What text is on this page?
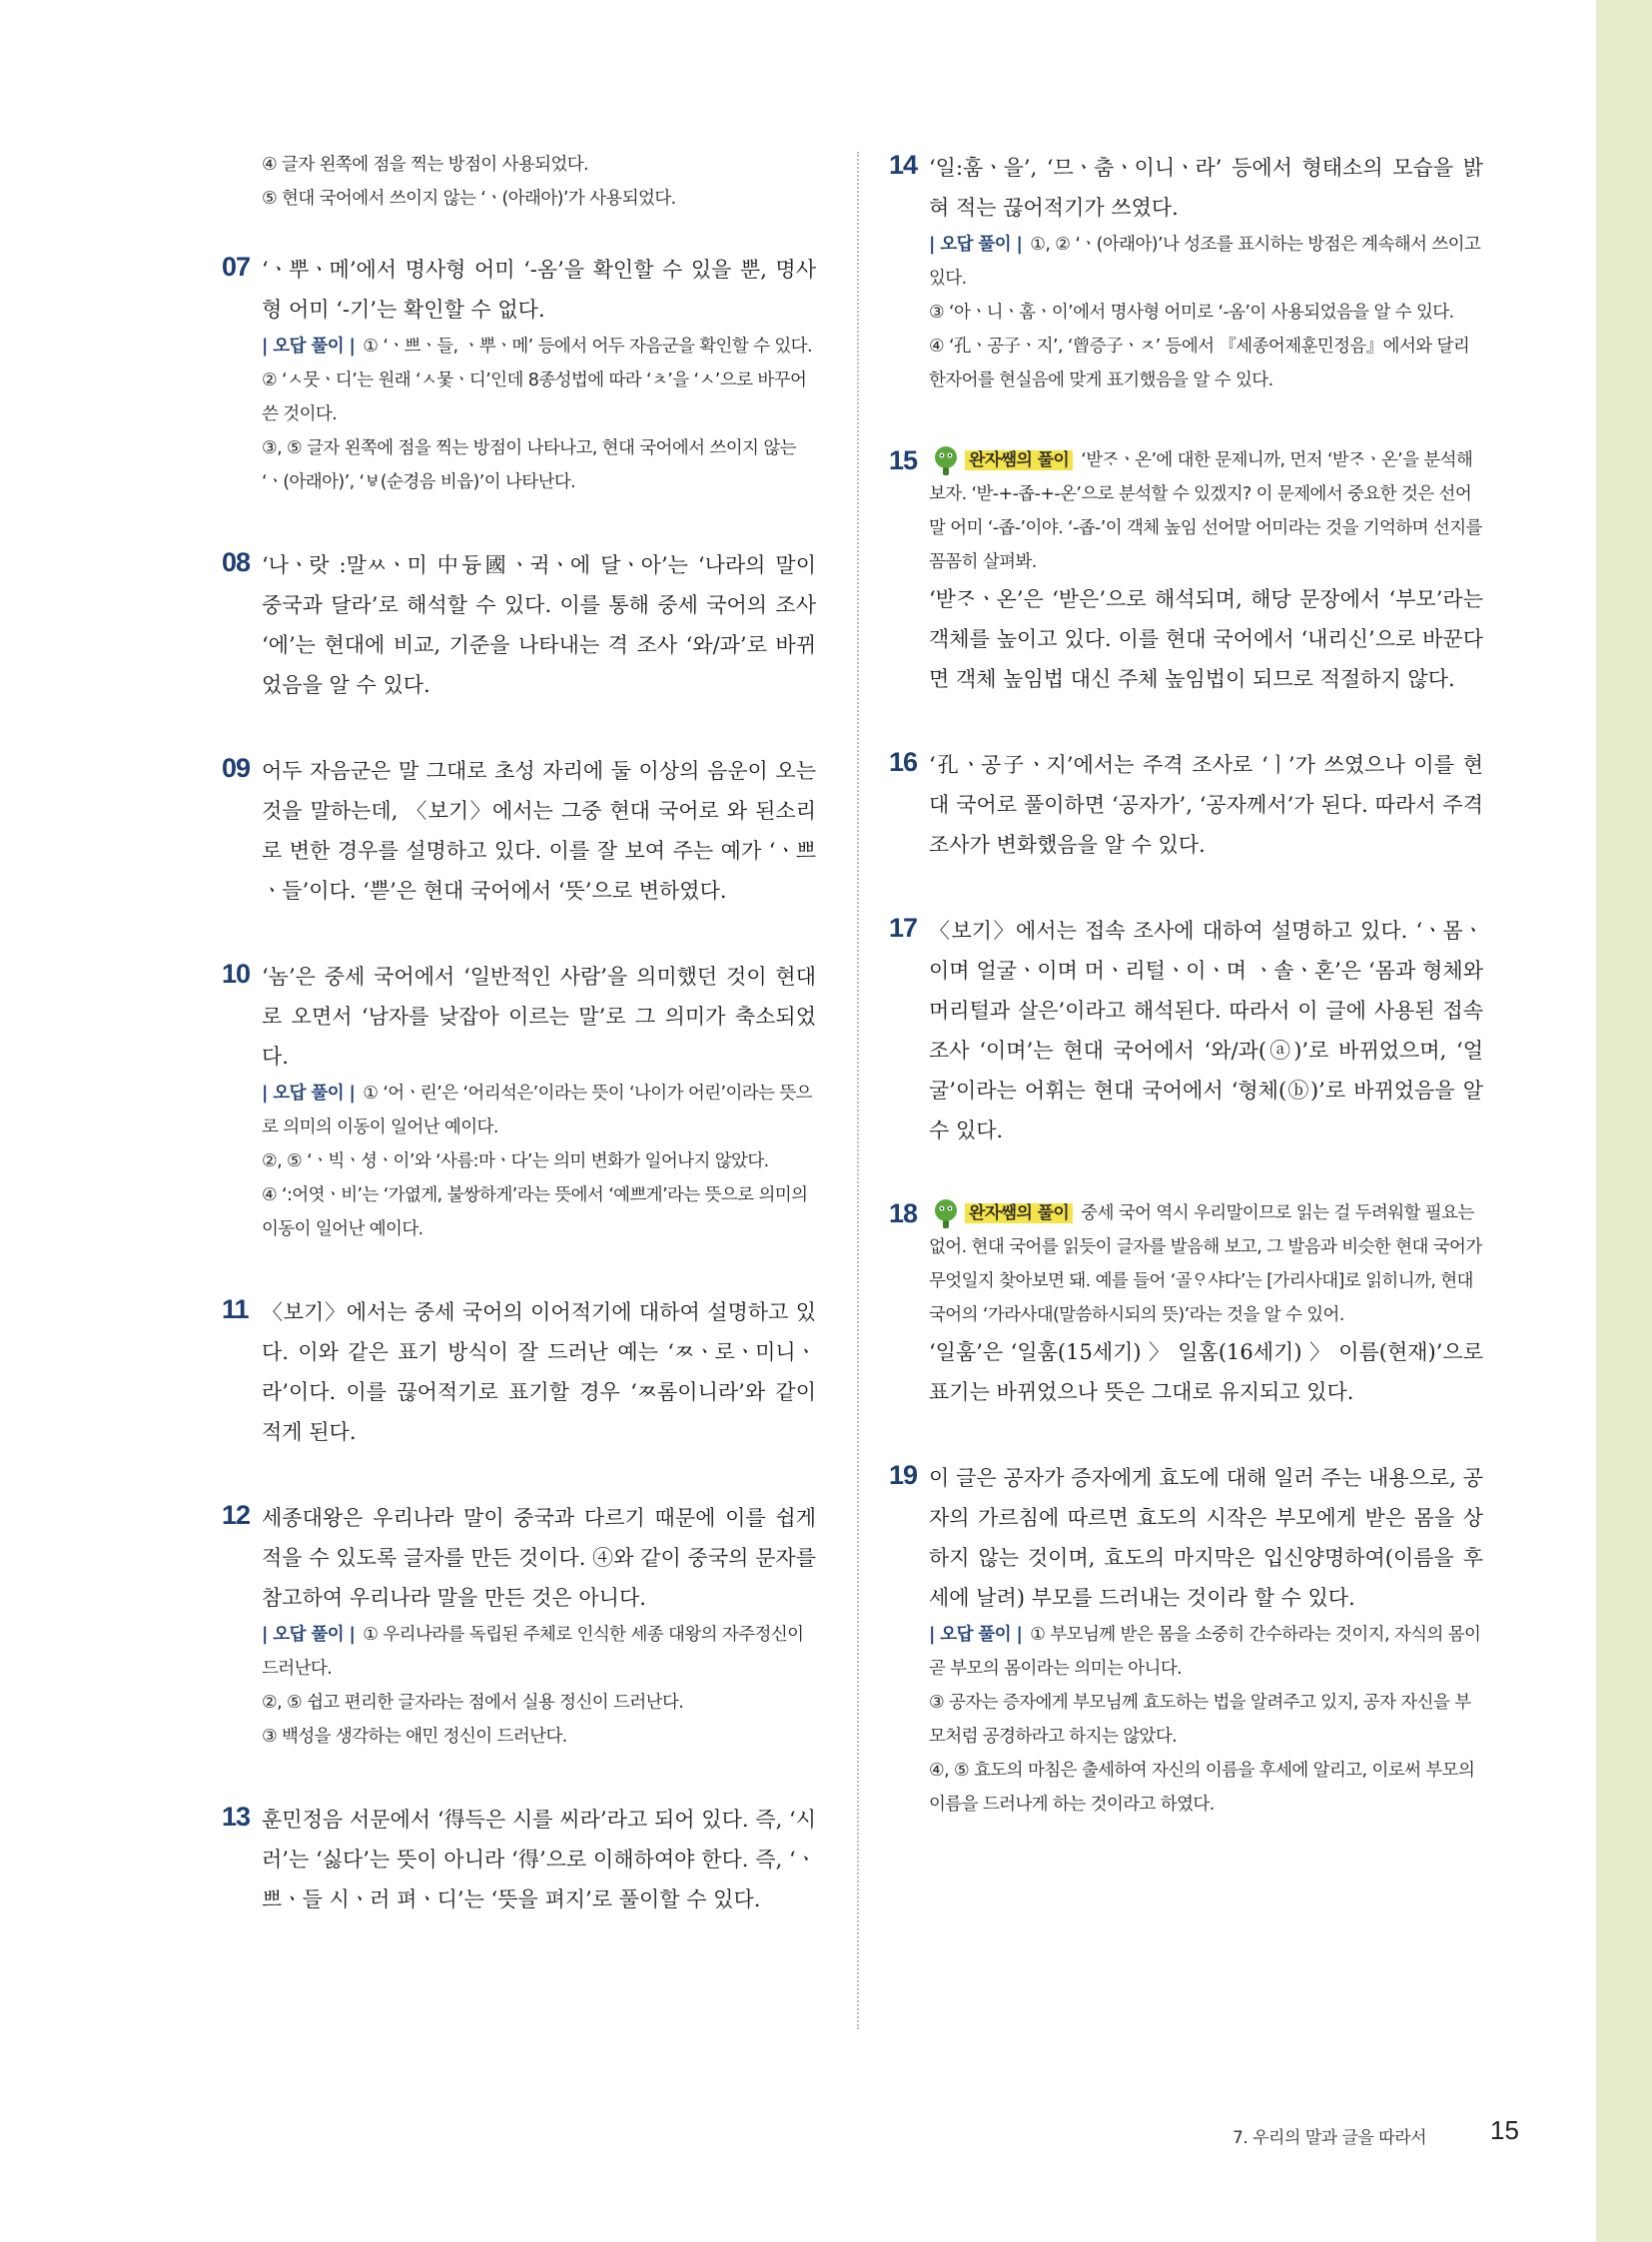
④ 글자 왼쪽에 점을 찍는 방점이 사용되었다.
⑤ 현대 국어에서 쓰이지 않는 ‘ㆍ(아래아)’가 사용되었다.
07 ‘ㆍ뿌ㆍ메’에서 명사형 어미 ‘-옴’을 확인할 수 있을 뿐, 명사형 어미 ‘-기’는 확인할 수 없다.
| 오답 풀이 | ① ‘ㆍ쁘ㆍ들, ㆍ뿌ㆍ메’ 등에서 어두 자음군을 확인할 수 있다.
② ‘ㅅ뭇ㆍ디’는 원래 ‘ㅅ뭋ㆍ디’인데 8종성법에 따라 ‘ㅊ’을 ‘ㅅ’으로 바꾸어 쓴 것이다.
③, ⑤ 글자 왼쪽에 점을 찍는 방점이 나타나고, 현대 국어에서 쓰이지 않는 ‘ㆍ(아래아)’, ‘ㅸ(순경음 비읍)’이 나타난다.
08 ‘나ㆍ랏 :말ㅆㆍ미 中듕國ㆍ귁ㆍ에 달ㆍ아’는 ‘나라의 말이 중국과 달라’로 해석할 수 있다. 이를 통해 중세 국어의 조사 ‘에’는 현대에 비교, 기준을 나타내는 격 조사 ‘와/과’로 바뀌었음을 알 수 있다.
09 어두 자음군은 말 그대로 초성 자리에 둘 이상의 음운이 오는 것을 말하는데, 〈보기〉에서는 그중 현대 국어로 와 된소리로 변한 경우를 설명하고 있다. 이를 잘 보여 주는 예가 ‘ㆍ쁘ㆍ들’이다. ‘쁟’은 현대 국어에서 ‘뜻’으로 변하였다.
10 ‘놈’은 중세 국어에서 ‘일반적인 사람’을 의미했던 것이 현대로 오면서 ‘남자를 낮잡아 이르는 말’로 그 의미가 축소되었다.
| 오답 풀이 | ① ‘어ㆍ린’은 ‘어리석은’이라는 뜻이 ‘나이가 어린’이라는 뜻으로 의미의 이동이 일어난 예이다.
②, ⑤ ‘ㆍ빅ㆍ셩ㆍ이’와 ‘사름:마ㆍ다’는 의미 변화가 일어나지 않았다.
④ ‘:어엿ㆍ비’는 ‘가엾게, 불쌍하게’라는 뜻에서 ‘예쁘게’라는 뜻으로 의미의 이동이 일어난 예이다.
11 〈보기〉에서는 중세 국어의 이어적기에 대하여 설명하고 있다. 이와 같은 표기 방식이 잘 드러난 예는 ‘ㅉㆍ로ㆍ미니ㆍ라’이다. 이를 끊어적기로 표기할 경우 ‘ㅉ롬이니라’와 같이 적게 된다.
12 세종대왕은 우리나라 말이 중국과 다르기 때문에 이를 쉽게 적을 수 있도록 글자를 만든 것이다. ④와 같이 중국의 문자를 참고하여 우리나라 말을 만든 것은 아니다.
| 오답 풀이 | ① 우리나라를 독립된 주체로 인식한 세종 대왕의 자주정신이 드러난다.
②, ⑤ 쉽고 편리한 글자라는 점에서 실용 정신이 드러난다.
③ 백성을 생각하는 애민 정신이 드러난다.
13 훈민정음 서문에서 ‘得득은 시를 씨라’라고 되어 있다. 즉, ‘시러’는 ‘싫다’는 뜻이 아니라 ‘得’으로 이해하여야 한다. 즉, ‘ㆍ쁘ㆍ들 시ㆍ러 펴ㆍ디’는 ‘뜻을 펴지’로 풀이할 수 있다.
14 ‘일:훔ㆍ을’, ‘므ㆍ춤ㆍ이니ㆍ라’ 등에서 형태소의 모습을 밝혀 적는 끊어적기가 쓰였다.
| 오답 풀이 | ①, ② ‘ㆍ(아래아)’나 성조를 표시하는 방점은 계속해서 쓰이고 있다.
③ ‘아ㆍ니ㆍ홈ㆍ이’에서 명사형 어미로 ‘-옴’이 사용되었음을 알 수 있다.
④ ‘孔ㆍ공子ㆍ지’, ‘曾증子ㆍㅈ’ 등에서 『세종어제훈민정음』에서와 달리 한자어를 현실음에 맞게 표기했음을 알 수 있다.
15	완자쌤의 풀이 ‘받ᄌᆞㆍ온’에 대한 문제니까, 먼저 ‘받ᄌᆞㆍ온’을 분석해 보자. ‘받-+-좁-+-온’으로 분석할 수 있겠지? 이 문제에서 중요한 것은 선어말 어미 ‘-좁-’이야. ‘-좁-’이 객체 높임 선어말 어미라는 것을 기억하며 선지를 꼼꼼히 살펴봐.
‘받ᄌᆞㆍ온’은 ‘받은’으로 해석되며, 해당 문장에서 ‘부모’라는 객체를 높이고 있다. 이를 현대 국어에서 ‘내리신’으로 바꾼다면 객체 높임법 대신 주체 높임법이 되므로 적절하지 않다.
16 ‘孔ㆍ공子ㆍ지’에서는 주격 조사로 ‘ㅣ’가 쓰였으나 이를 현대 국어로 풀이하면 ‘공자가’, ‘공자께서’가 된다. 따라서 주격 조사가 변화했음을 알 수 있다.
17 〈보기〉에서는 접속 조사에 대하여 설명하고 있다. ‘ㆍ몸ㆍ이며 얼굴ㆍ이며 머ㆍ리털ㆍ이ㆍ며 ㆍ솔ㆍ혼’은 ‘몸과 형체와 머리털과 살은’이라고 해석된다. 따라서 이 글에 사용된 접속 조사 ‘이며’는 현대 국어에서 ‘와/과(ⓐ)’로 바뀌었으며, ‘얼굴’이라는 어휘는 현대 국어에서 ‘형체(ⓑ)’로 바뀌었음을 알 수 있다.
18	완자쌤의 풀이 중세 국어 역시 우리말이므로 읽는 걸 두려워할 필요는 없어. 현대 국어를 읽듯이 글자를 발음해 보고, 그 발음과 비슷한 현대 국어가 무엇일지 찾아보면 돼. 예를 들어 ‘골ᄋᆞ샤다’는 [가리사대]로 읽히니까, 현대 국어의 ‘가라사대(말씀하시되의 뜻)’라는 것을 알 수 있어.
‘일훔’은 ‘일훔(15세기) 〉 일홈(16세기) 〉 이름(현재)’으로 표기는 바뀌었으나 뜻은 그대로 유지되고 있다.
19 이 글은 공자가 증자에게 효도에 대해 일러 주는 내용으로, 공자의 가르침에 따르면 효도의 시작은 부모에게 받은 몸을 상하지 않는 것이며, 효도의 마지막은 입신양명하여(이름을 후세에 날려) 부모를 드러내는 것이라 할 수 있다.
| 오답 풀이 | ① 부모님께 받은 몸을 소중히 간수하라는 것이지, 자식의 몸이 곧 부모의 몸이라는 의미는 아니다.
③ 공자는 증자에게 부모님께 효도하는 법을 알려주고 있지, 공자 자신을 부모처럼 공경하라고 하지는 않았다.
④, ⑤ 효도의 마침은 출세하여 자신의 이름을 후세에 알리고, 이로써 부모의 이름을 드러나게 하는 것이라고 하였다.
7. 우리의 말과 글을 따라서 15
